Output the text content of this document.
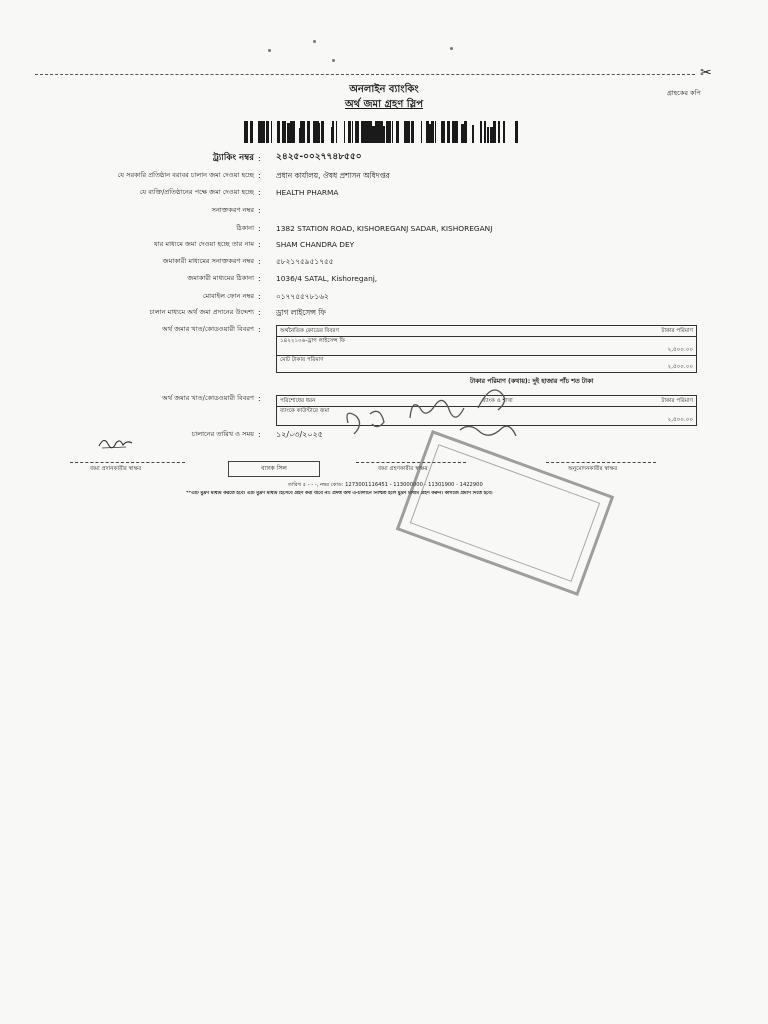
✂
গ্রাহকের কপি
অনলাইন ব্যাংকিং
অর্থ জমা গ্রহণ স্লিপ
ট্র্যাকিং নম্বর : ২৪২৫-০০২৭৭৪৮৫৫০
যে সরকারি প্রতিষ্ঠান বরাবর চালান জমা দেওয়া হচ্ছে : প্রধান কার্যালয়, ঔষধ প্রশাসন অধিদপ্তর
যে ব্যক্তি/প্রতিষ্ঠানের পক্ষে জমা দেওয়া হচ্ছে : HEALTH PHARMA
সনাক্তকরণ নম্বর :
ঠিকানা : 1382 STATION ROAD, KISHOREGANJ SADAR, KISHOREGANJ
যার মাধ্যমে জমা দেওয়া হচ্ছে তার নাম : SHAM CHANDRA DEY
জমাকারী মাধ্যমের সনাক্তকরণ নম্বর : ৫৮২১৭৫৯৫১৭৫৫
জমাকারী মাধ্যমের ঠিকানা : 1036/4 SATAL, Kishoreganj,
মোবাইল ফোন নম্বর : ০১৭৭৫৫৭৮১৬২
চালান মাধ্যমে অর্থ জমা প্রদানের উদ্দেশ্য : ড্রাগ লাইসেন্স ফি
অর্থ জমার খাত/কোডওয়ারী বিবরণ :	অর্থনৈতিক কোডের বিবরণ	টাকার পরিমাণ
১৪২২১০৬-ড্রাগ লাইসেন্স ফি	২,৫০০.০০
মোট টাকার পরিমাণ	২,৫০০.০০
টাকার পরিমাণ (কথায়): দুই হাজার পাঁচ শত টাকা
অর্থ জমার খাত/কোডওয়ারী বিবরণ :	পরিশোধের ধরন	ব্যাংক ও শাখা	টাকার পরিমাণ
ব্যাংকে কাউন্টারে জমা		২,৫০০.০০
চালানের তারিখ ও সময় : ১২/০৩/২০২৫
জমা প্রদানকারীর স্বাক্ষর	ব্যাংক সিল	জমা গ্রহণকারীর স্বাক্ষর	অনুমোদনকারীর স্বাক্ষর
তারিখ ৫ - - -, নম্বর কোড: 1273001116451 - 113000000 - 11301900 - 1422900
**এটি মুদ্রণ মাধ্যম করতে হবে। এটি মুদ্রণ মাধ্যম হিসেবে গ্রহণ করা যাবে না। প্রদত্ত অর্থ এ-চালানে নিশ্চিত হলে মুদ্রণ মাধ্যম গ্রহণ করুন। কাগজে প্রমাণ দিতে হবে।
